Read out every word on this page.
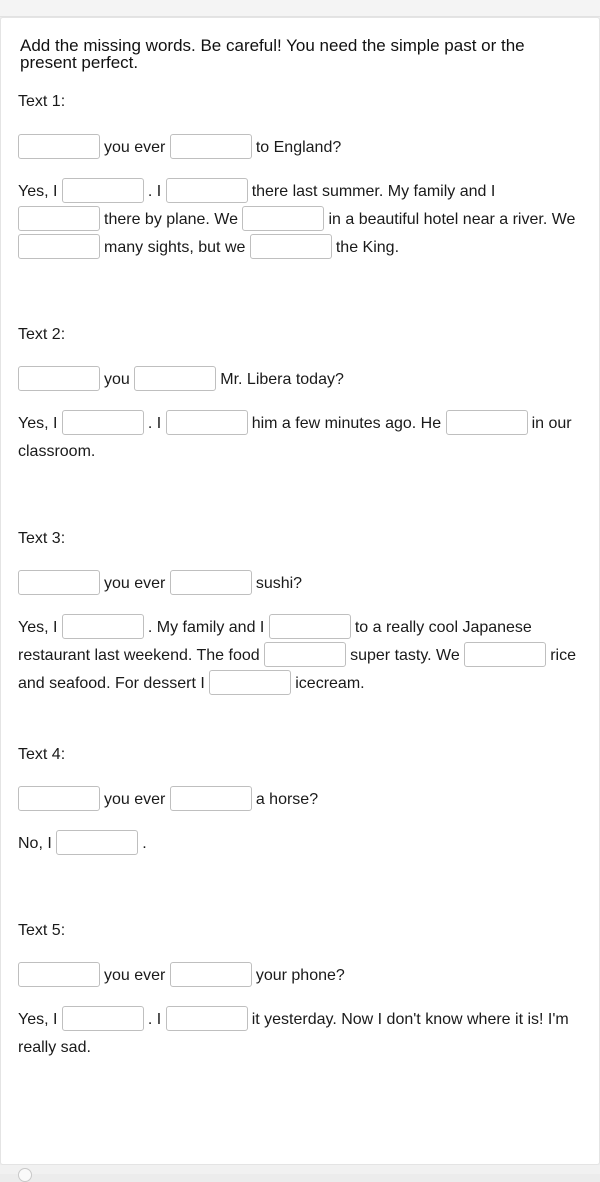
Add the missing words. Be careful! You need the simple past or the present perfect.
Text 1:
you ever	to England?
Yes, I	. I	there last summer. My family and I there by plane. We	in a beautiful hotel near a river. We many sights, but we	the King.
Text 2:
you	Mr. Libera today?
Yes, I	. I	him a few minutes ago. He	in our classroom.
Text 3:
you ever	sushi?
Yes, I	. My family and I	to a really cool Japanese restaurant last weekend. The food	super tasty. We	rice and seafood. For dessert I	icecream.
Text 4:
you ever	a horse?
No, I	.
Text 5:
you ever	your phone?
Yes, I	. I	it yesterday. Now I don't know where it is! I'm really sad.
